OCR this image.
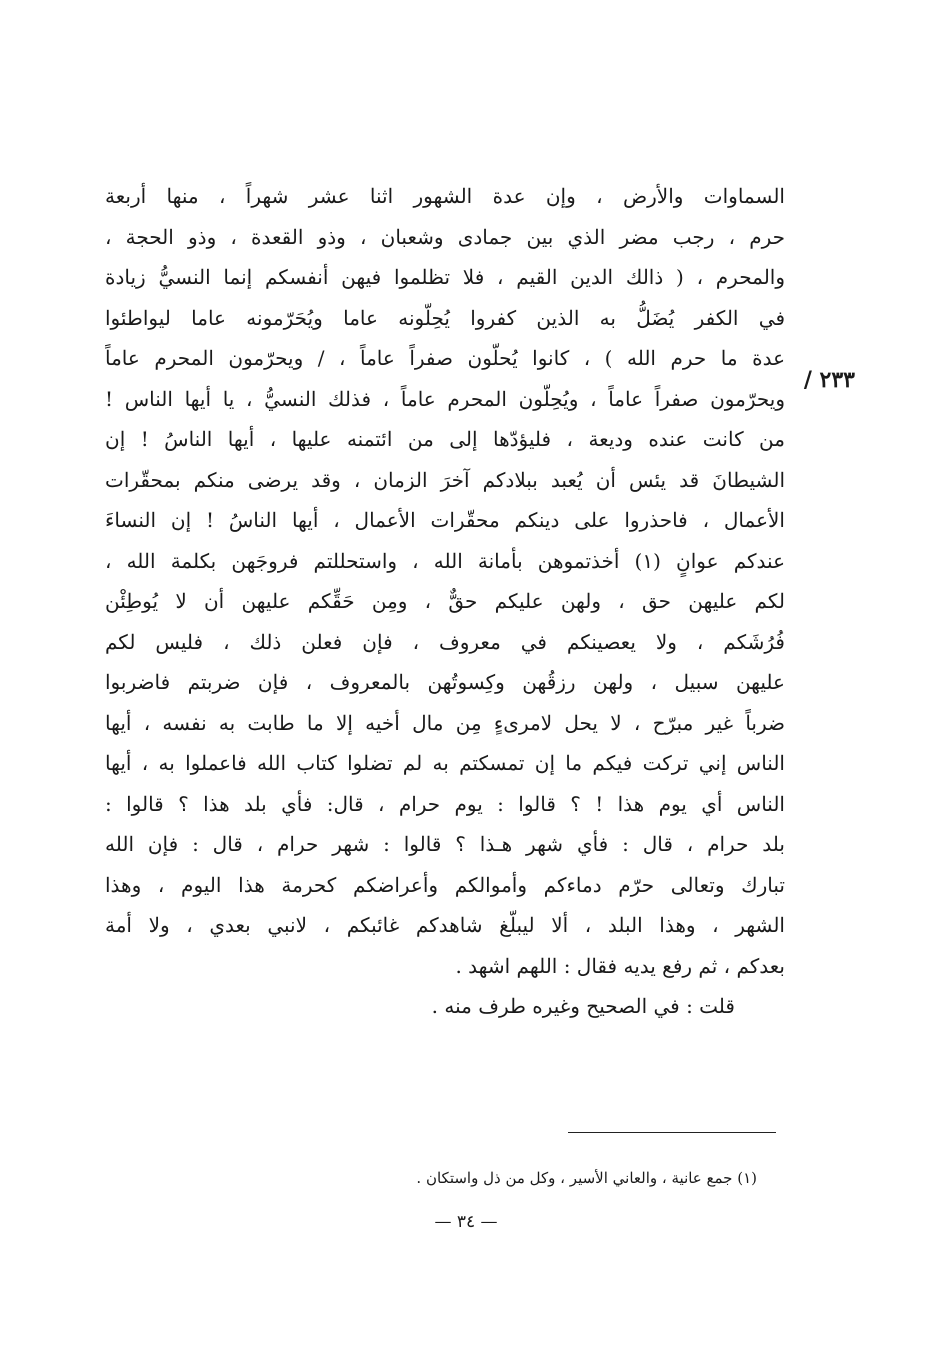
٢٣٣ /
السماوات والأرض ، وإن عدة الشهور اثنا عشر شهراً ، منها أربعة
حرم ، رجب مضر الذي بين جمادى وشعبان ، وذو القعدة ، وذو الحجة ،
والمحرم ، ( ذالك الدين القيم ، فلا تظلموا فيهن أنفسكم إنما النسيُّ زيادة
في الكفر يُضَلُّ به الذين كفروا يُحِلّونه عاما ويُحَرّمونه عاما ليواطئوا
عدة ما حرم الله ) ، كانوا يُحلّون صفراً عاماً ، / ويحرّمون المحرم عاماً
ويحرّمون صفراً عاماً ، ويُحِلّون المحرم عاماً ، فذلك النسيُّ ، يا أيها الناس !
من كانت عنده وديعة ، فليؤدّها إلى من ائتمنه عليها ، أيها الناسُ ! إن
الشيطانَ قد يئس أن يُعبد ببلادكم آخرَ الزمان ، وقد يرضى منكم بمحقّرات
الأعمال ، فاحذروا على دينكم محقّرات الأعمال ، أيها الناسُ ! إن النساءَ
عندكم عوانٍ (١) أخذتموهن بأمانة الله ، واستحللتم فروجَهن بكلمة الله ،
لكم عليهن حق ، ولهن عليكم حقٌّ ، ومِن حَقِّكم عليهن أن لا يُوطِئْن
فُرُشَكم ، ولا يعصينكم في معروف ، فإن فعلن ذلك ، فليس لكم
عليهن سبيل ، ولهن رزقُهن وكِسوتُهن بالمعروف ، فإن ضربتم فاضربوا
ضرباً غير مبرّح ، لا يحل لامرىءٍ مِن مال أخيه إلا ما طابت به نفسه ، أيها
الناس إني تركت فيكم ما إن تمسكتم به لم تضلوا كتاب الله فاعملوا به ، أيها
الناس أي يوم هذا ! ؟ قالوا : يوم حرام ، قال: فأي بلد هذا ؟ قالوا :
بلد حرام ، قال : فأي شهر هـذا ؟ قالوا : شهر حرام ، قال : فإن الله
تبارك وتعالى حرّم دماءكم وأموالكم وأعراضكم كحرمة هذا اليوم ، وهذا
الشهر ، وهذا البلد ، ألا ليبلّغ شاهدكم غائبكم ، لانبي بعدي ، ولا أمة
بعدكم ، ثم رفع يديه فقال : اللهم اشهد .
قلت : في الصحيح وغيره طرف منه .
(١) جمع عانية ، والعاني الأسير ، وكل من ذل واستكان .
— ٣٤ —
